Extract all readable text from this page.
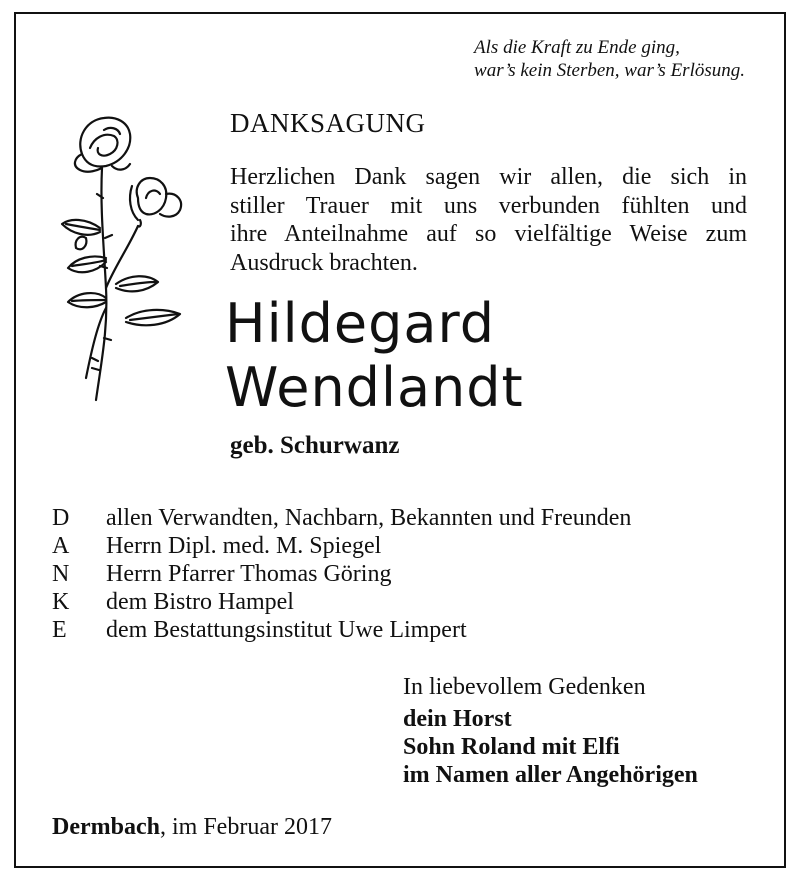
Als die Kraft zu Ende ging,
war’s kein Sterben, war’s Erlösung.
DANKSAGUNG
Herzlichen Dank sagen wir allen, die sich in
stiller Trauer mit uns verbunden fühlten und
ihre Anteilnahme auf so vielfältige Weise zum
Ausdruck brachten.
Hildegard
Wendlandt
geb. Schurwanz
D	allen Verwandten, Nachbarn, Bekannten und Freunden
A	Herrn Dipl. med. M. Spiegel
N	Herrn Pfarrer Thomas Göring
K	dem Bistro Hampel
E	dem Bestattungsinstitut Uwe Limpert
In liebevollem Gedenken
dein Horst
Sohn Roland mit Elfi
im Namen aller Angehörigen
Dermbach, im Februar 2017
